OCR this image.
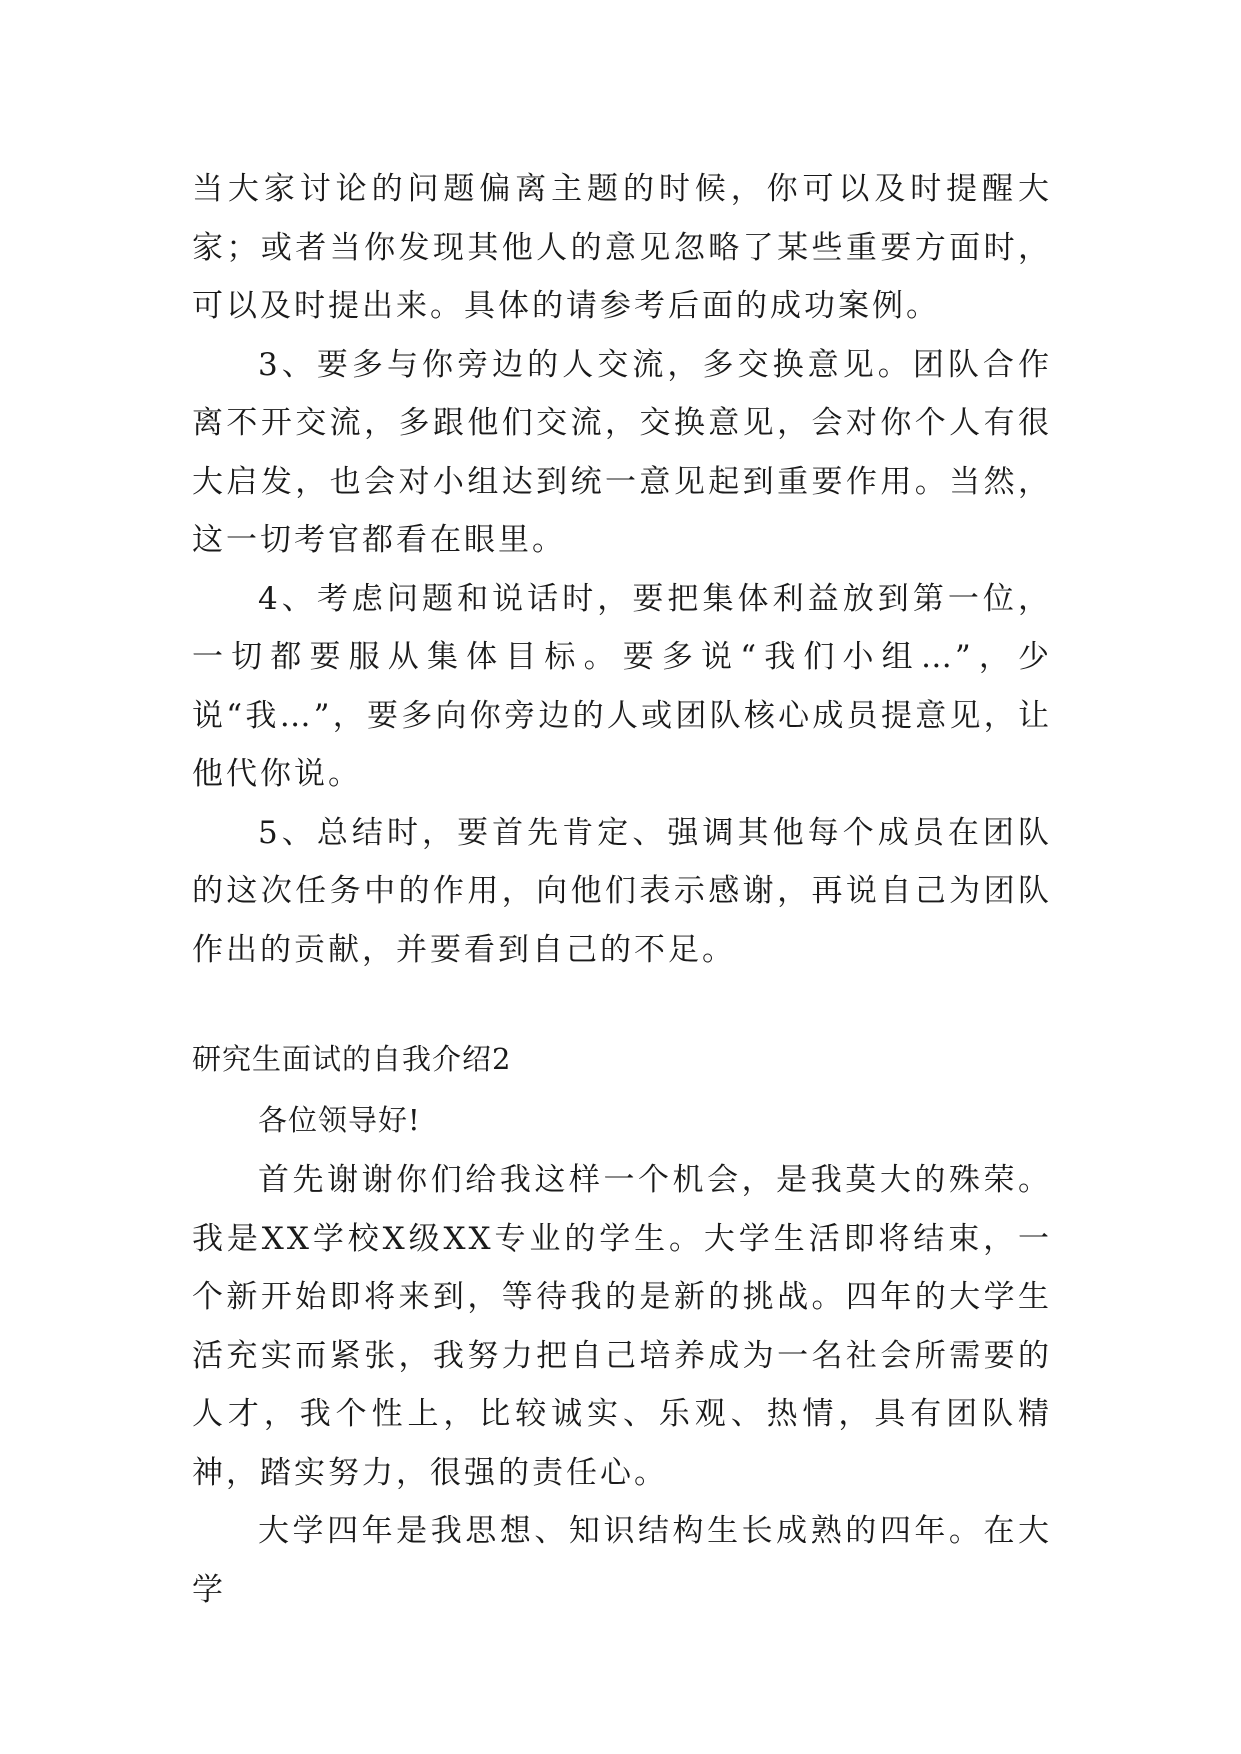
当大家讨论的问题偏离主题的时候，你可以及时提醒大家；或者当你发现其他人的意见忽略了某些重要方面时，可以及时提出来。具体的请参考后面的成功案例。

3、要多与你旁边的人交流，多交换意见。团队合作离不开交流，多跟他们交流，交换意见，会对你个人有很大启发，也会对小组达到统一意见起到重要作用。当然，这一切考官都看在眼里。

4、考虑问题和说话时，要把集体利益放到第一位，一切都要服从集体目标。要多说“我们小组…”，少说“我…”，要多向你旁边的人或团队核心成员提意见，让他代你说。

5、总结时，要首先肯定、强调其他每个成员在团队的这次任务中的作用，向他们表示感谢，再说自己为团队作出的贡献，并要看到自己的不足。

研究生面试的自我介绍2

各位领导好!

首先谢谢你们给我这样一个机会，是我莫大的殊荣。我是XX学校X级XX专业的学生。大学生活即将结束，一个新开始即将来到，等待我的是新的挑战。四年的大学生活充实而紧张，我努力把自己培养成为一名社会所需要的人才，我个性上，比较诚实、乐观、热情，具有团队精神，踏实努力，很强的责任心。

大学四年是我思想、知识结构生长成熟的四年。在大学
